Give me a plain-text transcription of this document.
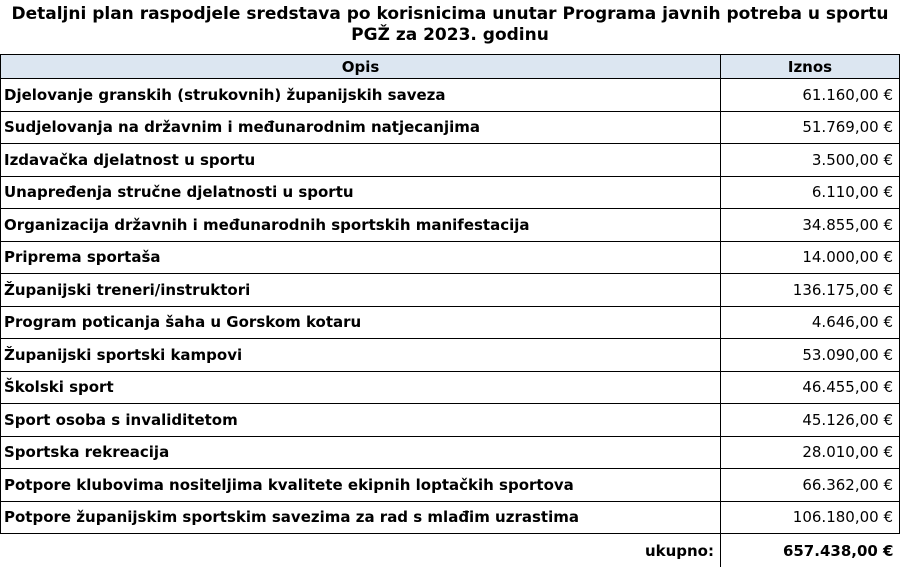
Detaljni plan raspodjele sredstava po korisnicima unutar Programa javnih potreba u sportu PGŽ za 2023. godinu
Opis	Iznos
Djelovanje granskih (strukovnih) županijskih saveza	61.160,00 €
Sudjelovanja na državnim i međunarodnim natjecanjima	51.769,00 €
Izdavačka djelatnost u sportu	3.500,00 €
Unapređenja stručne djelatnosti u sportu	6.110,00 €
Organizacija državnih i međunarodnih sportskih manifestacija	34.855,00 €
Priprema sportaša	14.000,00 €
Županijski treneri/instruktori	136.175,00 €
Program poticanja šaha u Gorskom kotaru	4.646,00 €
Županijski sportski kampovi	53.090,00 €
Školski sport	46.455,00 €
Sport osoba s invaliditetom	45.126,00 €
Sportska rekreacija	28.010,00 €
Potpore klubovima nositeljima kvalitete ekipnih loptačkih sportova	66.362,00 €
Potpore županijskim sportskim savezima za rad s mlađim uzrastima	106.180,00 €
ukupno:	657.438,00 €
